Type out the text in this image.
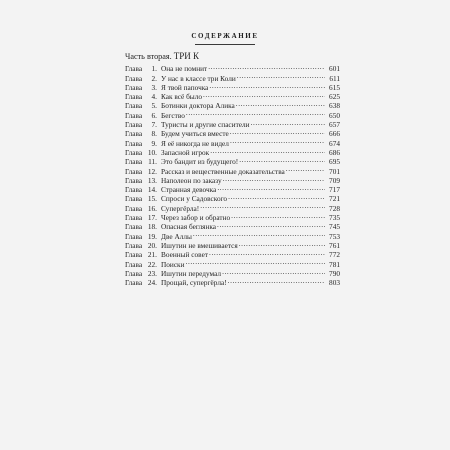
СОДЕРЖАНИЕ
Часть вторая. ТРИ К
Глава 1. Она не помнит .....	601
Глава 2. У нас в классе три Коли .....	611
Глава 3. Я твой папочка .....	615
Глава 4. Как всё было .....	625
Глава 5. Ботинки доктора Алика .....	638
Глава 6. Бегство .....	650
Глава 7. Туристы и другие спасители .....	657
Глава 8. Будем учиться вместе .....	666
Глава 9. Я её никогда не видел .....	674
Глава 10. Запасной игрок .....	686
Глава 11. Это бандит из будущего! .....	695
Глава 12. Рассказ и вещественные доказательства .....	701
Глава 13. Наполеон по заказу .....	709
Глава 14. Странная девочка .....	717
Глава 15. Спроси у Садовского .....	721
Глава 16. Супергёрла! .....	728
Глава 17. Через забор и обратно .....	735
Глава 18. Опасная беглянка .....	745
Глава 19. Две Аллы .....	753
Глава 20. Ишутин не вмешивается .....	761
Глава 21. Военный совет .....	772
Глава 22. Поиски .....	781
Глава 23. Ишутин передумал .....	790
Глава 24. Прощай, супергёрла! .....	803
